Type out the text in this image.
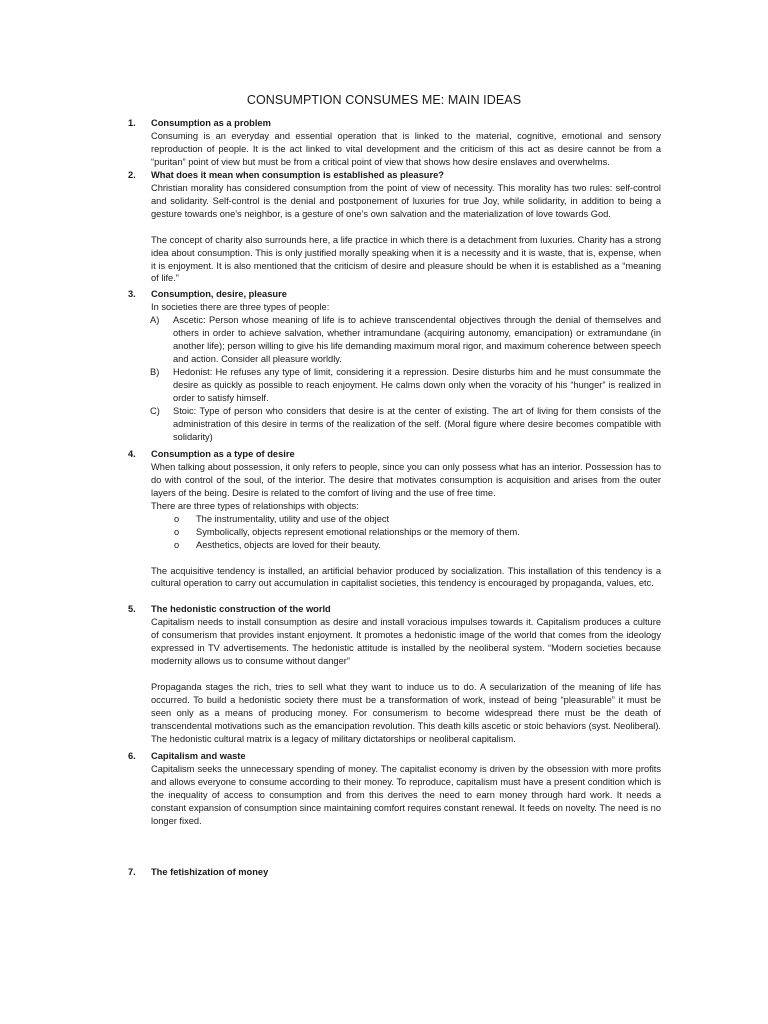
CONSUMPTION CONSUMES ME: MAIN IDEAS
1. Consumption as a problem

Consuming is an everyday and essential operation that is linked to the material, cognitive, emotional and sensory reproduction of people. It is the act linked to vital development and the criticism of this act as desire cannot be from a “puritan” point of view but must be from a critical point of view that shows how desire enslaves and overwhelms.

2. What does it mean when consumption is established as pleasure?

Christian morality has considered consumption from the point of view of necessity. This morality has two rules: self-control and solidarity. Self-control is the denial and postponement of luxuries for true Joy, while solidarity, in addition to being a gesture towards one's neighbor, is a gesture of one's own salvation and the materialization of love towards God.

The concept of charity also surrounds here, a life practice in which there is a detachment from luxuries. Charity has a strong idea about consumption. This is only justified morally speaking when it is a necessity and it is waste, that is, expense, when it is enjoyment. It is also mentioned that the criticism of desire and pleasure should be when it is established as a “meaning of life.”

3. Consumption, desire, pleasure

In societies there are three types of people:

A) Ascetic: Person whose meaning of life is to achieve transcendental objectives through the denial of themselves and others in order to achieve salvation, whether intramundane (acquiring autonomy, emancipation) or extramundane (in another life); person willing to give his life demanding maximum moral rigor, and maximum coherence between speech and action. Consider all pleasure worldly.
B) Hedonist: He refuses any type of limit, considering it a repression. Desire disturbs him and he must consummate the desire as quickly as possible to reach enjoyment. He calms down only when the voracity of his “hunger” is realized in order to satisfy himself.
C) Stoic: Type of person who considers that desire is at the center of existing. The art of living for them consists of the administration of this desire in terms of the realization of the self. (Moral figure where desire becomes compatible with solidarity)
4. Consumption as a type of desire

When talking about possession, it only refers to people, since you can only possess what has an interior. Possession has to do with control of the soul, of the interior. The desire that motivates consumption is acquisition and arises from the outer layers of the being. Desire is related to the comfort of living and the use of free time.

There are three types of relationships with objects:

o The instrumentality, utility and use of the object
o Symbolically, objects represent emotional relationships or the memory of them.
o Aesthetics, objects are loved for their beauty.

The acquisitive tendency is installed, an artificial behavior produced by socialization. This installation of this tendency is a cultural operation to carry out accumulation in capitalist societies, this tendency is encouraged by propaganda, values, etc.

5. The hedonistic construction of the world

Capitalism needs to install consumption as desire and install voracious impulses towards it. Capitalism produces a culture of consumerism that provides instant enjoyment. It promotes a hedonistic image of the world that comes from the ideology expressed in TV advertisements. The hedonistic attitude is installed by the neoliberal system. “Modern societies because modernity allows us to consume without danger”

Propaganda stages the rich, tries to sell what they want to induce us to do. A secularization of the meaning of life has occurred. To build a hedonistic society there must be a transformation of work, instead of being “pleasurable” it must be seen only as a means of producing money. For consumerism to become widespread there must be the death of transcendental motivations such as the emancipation revolution. This death kills ascetic or stoic behaviors (syst. Neoliberal). The hedonistic cultural matrix is a legacy of military dictatorships or neoliberal capitalism.

6. Capitalism and waste

Capitalism seeks the unnecessary spending of money. The capitalist economy is driven by the obsession with more profits and allows everyone to consume according to their money. To reproduce, capitalism must have a present condition which is the inequality of access to consumption and from this derives the need to earn money through hard work. It needs a constant expansion of consumption since maintaining comfort requires constant renewal. It feeds on novelty. The need is no longer fixed.

7. The fetishization of money
